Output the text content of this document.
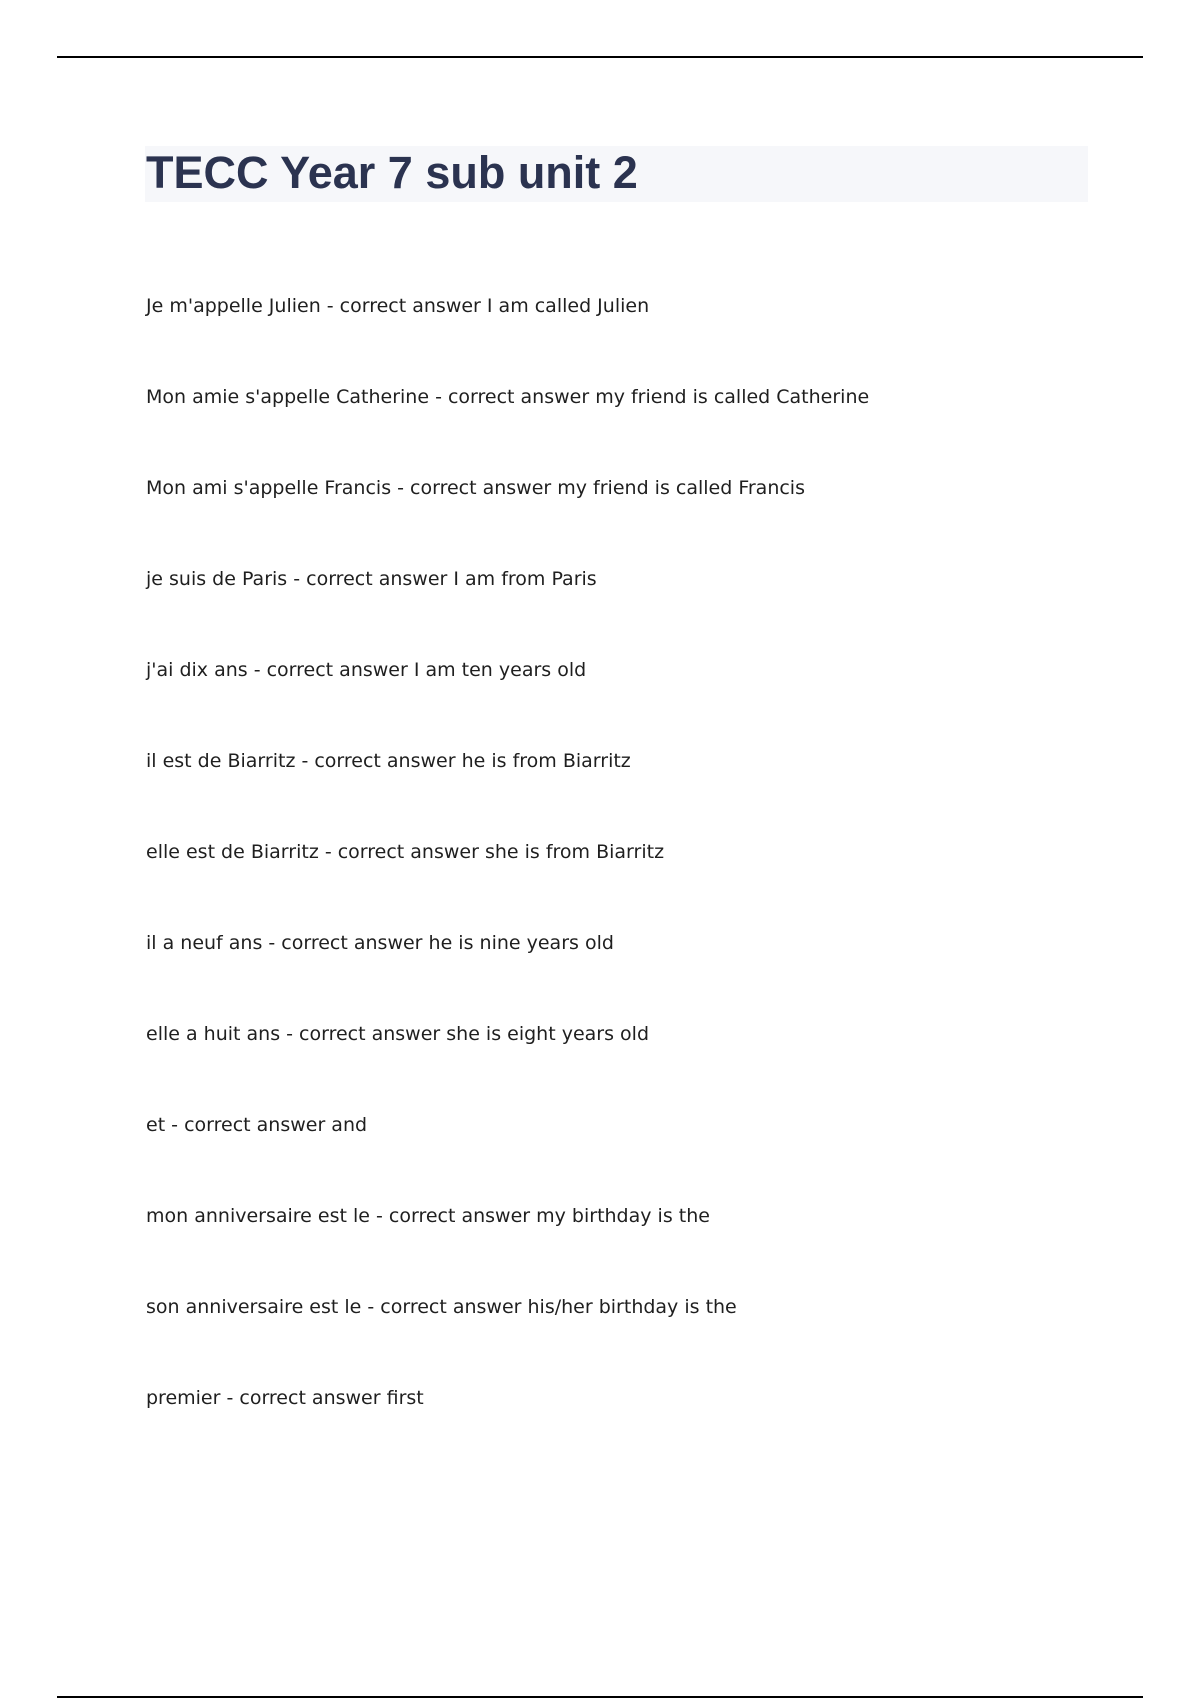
TECC Year 7 sub unit 2
Je m'appelle Julien - correct answer I am called Julien
Mon amie s'appelle Catherine - correct answer my friend is called Catherine
Mon ami s'appelle Francis - correct answer my friend is called Francis
je suis de Paris - correct answer I am from Paris
j'ai dix ans - correct answer I am ten years old
il est de Biarritz - correct answer he is from Biarritz
elle est de Biarritz - correct answer she is from Biarritz
il a neuf ans - correct answer he is nine years old
elle a huit ans - correct answer she is eight years old
et - correct answer and
mon anniversaire est le - correct answer my birthday is the
son anniversaire est le - correct answer his/her birthday is the
premier - correct answer first
